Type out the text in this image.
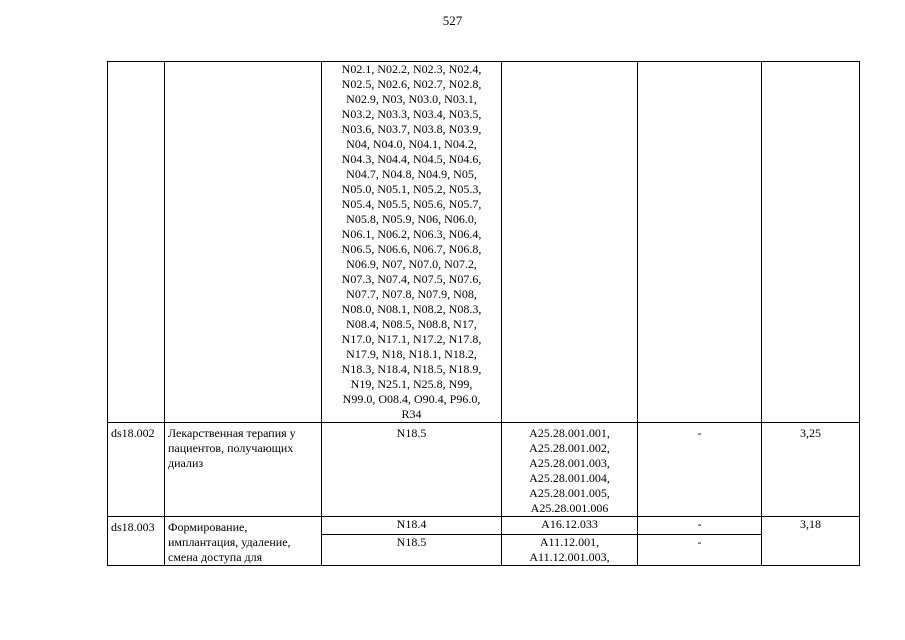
527
		N02.1, N02.2, N02.3, N02.4, N02.5, N02.6, N02.7, N02.8, N02.9, N03, N03.0, N03.1, N03.2, N03.3, N03.4, N03.5, N03.6, N03.7, N03.8, N03.9, N04, N04.0, N04.1, N04.2, N04.3, N04.4, N04.5, N04.6, N04.7, N04.8, N04.9, N05, N05.0, N05.1, N05.2, N05.3, N05.4, N05.5, N05.6, N05.7, N05.8, N05.9, N06, N06.0, N06.1, N06.2, N06.3, N06.4, N06.5, N06.6, N06.7, N06.8, N06.9, N07, N07.0, N07.2, N07.3, N07.4, N07.5, N07.6, N07.7, N07.8, N07.9, N08, N08.0, N08.1, N08.2, N08.3, N08.4, N08.5, N08.8, N17, N17.0, N17.1, N17.2, N17.8, N17.9, N18, N18.1, N18.2, N18.3, N18.4, N18.5, N18.9, N19, N25.1, N25.8, N99, N99.0, O08.4, O90.4, P96.0, R34			
ds18.002	Лекарственная терапия у пациентов, получающих диализ	N18.5	A25.28.001.001, A25.28.001.002, A25.28.001.003, A25.28.001.004, A25.28.001.005, A25.28.001.006	-	3,25
ds18.003	Формирование, имплантация, удаление, смена доступа для	N18.4	A16.12.033	-	3,18
		N18.5	A11.12.001, A11.12.001.003,	-	
